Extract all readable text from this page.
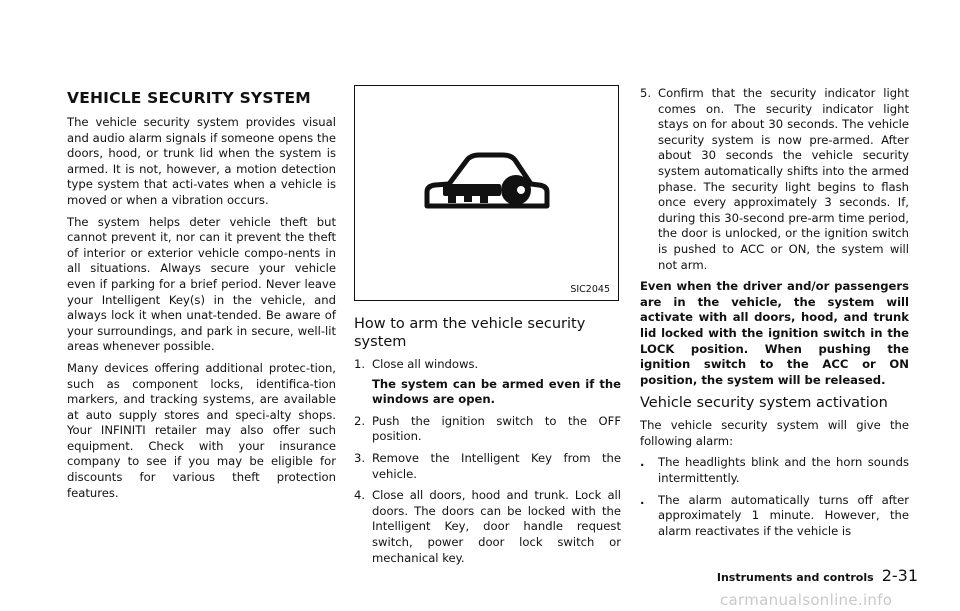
VEHICLE SECURITY SYSTEM

The vehicle security system provides visual and audio alarm signals if someone opens the doors, hood, or trunk lid when the system is armed. It is not, however, a motion detection type system that acti-vates when a vehicle is moved or when a vibration occurs.

The system helps deter vehicle theft but cannot prevent it, nor can it prevent the theft of interior or exterior vehicle compo-nents in all situations. Always secure your vehicle even if parking for a brief period. Never leave your Intelligent Key(s) in the vehicle, and always lock it when unat-tended. Be aware of your surroundings, and park in secure, well-lit areas whenever possible.

Many devices offering additional protec-tion, such as component locks, identifica-tion markers, and tracking systems, are available at auto supply stores and speci-alty shops. Your INFINITI retailer may also offer such equipment. Check with your insurance company to see if you may be eligible for discounts for various theft protection features.

SIC2045
How to arm the vehicle security system
1. Close all windows.
The system can be armed even if the windows are open.
2. Push the ignition switch to the OFF position.
3. Remove the Intelligent Key from the vehicle.
4. Close all doors, hood and trunk. Lock all doors. The doors can be locked with the Intelligent Key, door handle request switch, power door lock switch or mechanical key.
5. Confirm that the security indicator light comes on. The security indicator light stays on for about 30 seconds. The vehicle security system is now pre-armed. After about 30 seconds the vehicle security system automatically shifts into the armed phase. The security light begins to flash once every approximately 3 seconds. If, during this 30-second pre-arm time period, the door is unlocked, or the ignition switch is pushed to ACC or ON, the system will not arm.

Even when the driver and/or passengers are in the vehicle, the system will activate with all doors, hood, and trunk lid locked with the ignition switch in the LOCK position. When pushing the ignition switch to the ACC or ON position, the system will be released.

Vehicle security system activation

The vehicle security system will give the following alarm:

.	The headlights blink and the horn sounds intermittently.
.	The alarm automatically turns off after approximately 1 minute. However, the alarm reactivates if the vehicle is
Instruments and controls 2-31
carmanualsonline.info
